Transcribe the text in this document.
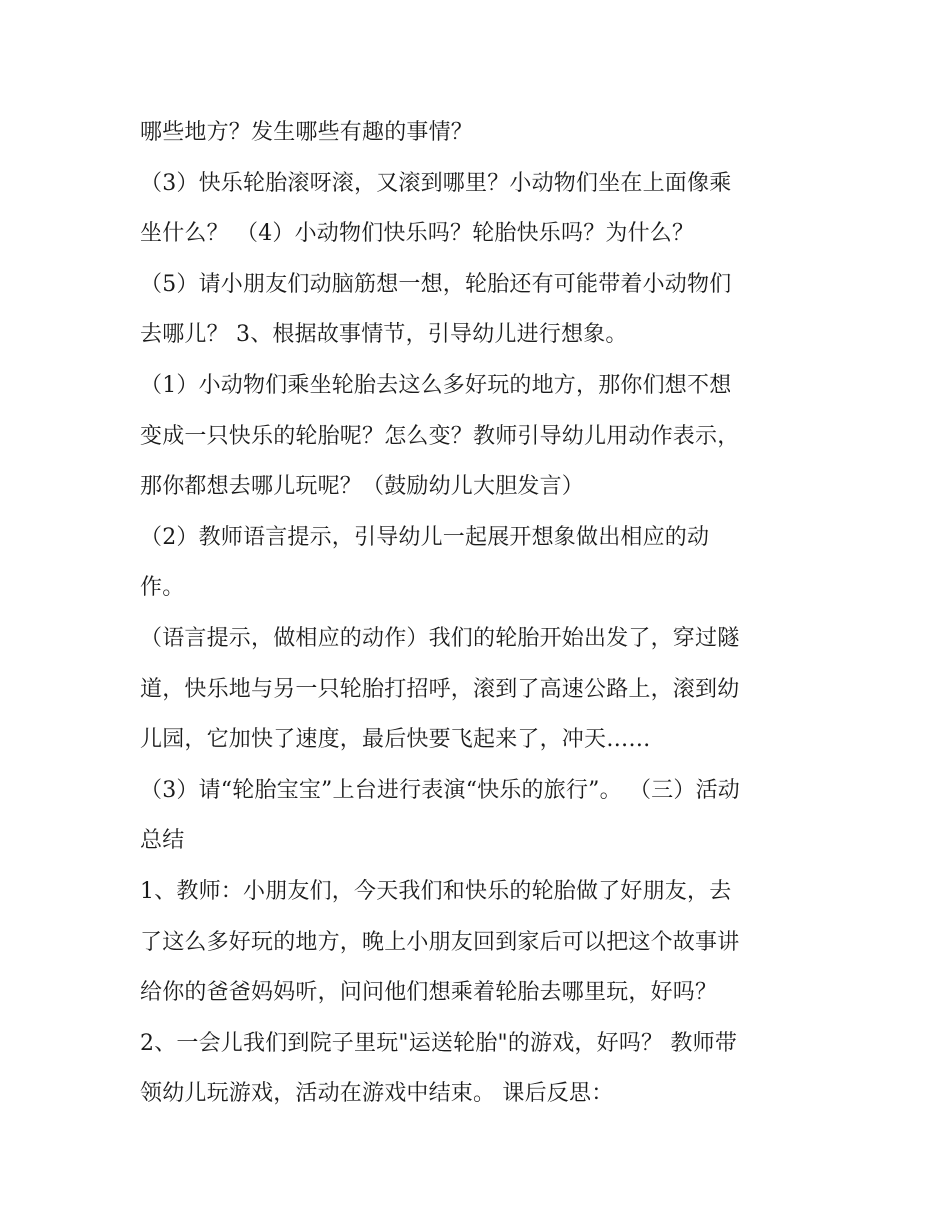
哪些地方？发生哪些有趣的事情？
（3）快乐轮胎滚呀滚，又滚到哪里？小动物们坐在上面像乘
坐什么？ （4）小动物们快乐吗？轮胎快乐吗？为什么？
（5）请小朋友们动脑筋想一想，轮胎还有可能带着小动物们
去哪儿？ 3、根据故事情节，引导幼儿进行想象。
（1）小动物们乘坐轮胎去这么多好玩的地方，那你们想不想
变成一只快乐的轮胎呢？怎么变？教师引导幼儿用动作表示，
那你都想去哪儿玩呢？（鼓励幼儿大胆发言）
（2）教师语言提示，引导幼儿一起展开想象做出相应的动
作。
（语言提示，做相应的动作）我们的轮胎开始出发了，穿过隧
道，快乐地与另一只轮胎打招呼，滚到了高速公路上，滚到幼
儿园，它加快了速度，最后快要飞起来了，冲天……
（3）请“轮胎宝宝”上台进行表演“快乐的旅行”。 （三）活动
总结
1、教师：小朋友们，今天我们和快乐的轮胎做了好朋友，去
了这么多好玩的地方，晚上小朋友回到家后可以把这个故事讲
给你的爸爸妈妈听，问问他们想乘着轮胎去哪里玩，好吗？
2、一会儿我们到院子里玩"运送轮胎"的游戏，好吗？ 教师带
领幼儿玩游戏，活动在游戏中结束。 课后反思：
